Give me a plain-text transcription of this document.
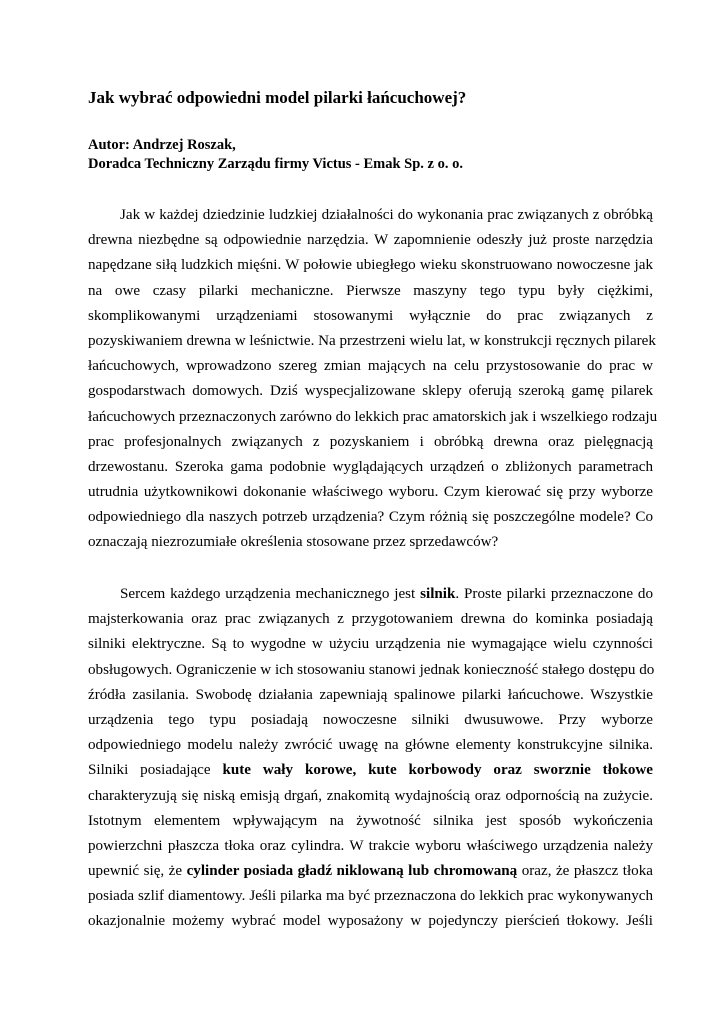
Jak wybrać odpowiedni model pilarki łańcuchowej?
Autor: Andrzej Roszak,
Doradca Techniczny Zarządu firmy Victus - Emak Sp. z o. o.
Jak w każdej dziedzinie ludzkiej działalności do wykonania prac związanych z obróbką
drewna niezbędne są odpowiednie narzędzia. W zapomnienie odeszły już proste narzędzia
napędzane siłą ludzkich mięśni. W połowie ubiegłego wieku skonstruowano nowoczesne jak
na owe czasy pilarki mechaniczne. Pierwsze maszyny tego typu były ciężkimi,
skomplikowanymi urządzeniami stosowanymi wyłącznie do prac związanych z
pozyskiwaniem drewna w leśnictwie. Na przestrzeni wielu lat, w konstrukcji ręcznych pilarek
łańcuchowych, wprowadzono szereg zmian mających na celu przystosowanie do prac w
gospodarstwach domowych. Dziś wyspecjalizowane sklepy oferują szeroką gamę pilarek
łańcuchowych przeznaczonych zarówno do lekkich prac amatorskich jak i wszelkiego rodzaju
prac profesjonalnych związanych z pozyskaniem i obróbką drewna oraz pielęgnacją
drzewostanu. Szeroka gama podobnie wyglądających urządzeń o zbliżonych parametrach
utrudnia użytkownikowi dokonanie właściwego wyboru. Czym kierować się przy wyborze
odpowiedniego dla naszych potrzeb urządzenia? Czym różnią się poszczególne modele? Co
oznaczają niezrozumiałe określenia stosowane przez sprzedawców?
Sercem każdego urządzenia mechanicznego jest silnik. Proste pilarki przeznaczone do
majsterkowania oraz prac związanych z przygotowaniem drewna do kominka posiadają
silniki elektryczne. Są to wygodne w użyciu urządzenia nie wymagające wielu czynności
obsługowych. Ograniczenie w ich stosowaniu stanowi jednak konieczność stałego dostępu do
źródła zasilania. Swobodę działania zapewniają spalinowe pilarki łańcuchowe. Wszystkie
urządzenia tego typu posiadają nowoczesne silniki dwusuwowe. Przy wyborze
odpowiedniego modelu należy zwrócić uwagę na główne elementy konstrukcyjne silnika.
Silniki posiadające kute wały korowe, kute korbowody oraz sworznie tłokowe
charakteryzują się niską emisją drgań, znakomitą wydajnością oraz odpornością na zużycie.
Istotnym elementem wpływającym na żywotność silnika jest sposób wykończenia
powierzchni płaszcza tłoka oraz cylindra. W trakcie wyboru właściwego urządzenia należy
upewnić się, że cylinder posiada gładź niklowaną lub chromowaną oraz, że płaszcz tłoka
posiada szlif diamentowy. Jeśli pilarka ma być przeznaczona do lekkich prac wykonywanych
okazjonalnie możemy wybrać model wyposażony w pojedynczy pierścień tłokowy. Jeśli
